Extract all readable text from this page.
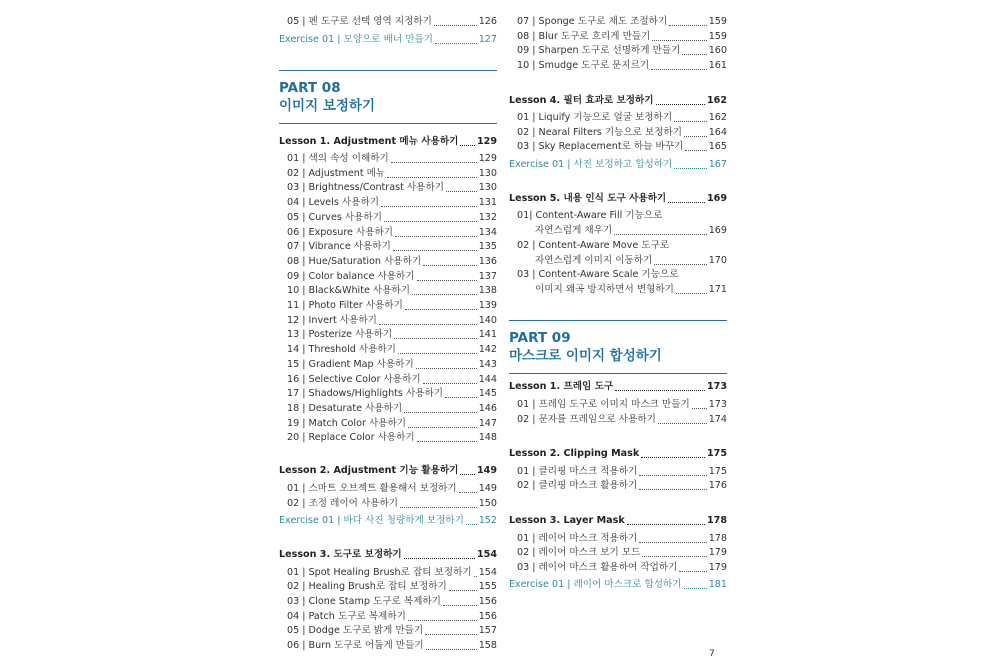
05 | 펜 도구로 선택 영역 지정하기	126
Exercise 01 | 모양으로 배너 만들기	127
PART 08
이미지 보정하기
Lesson 1. Adjustment 메뉴 사용하기 129
01 | 색의 속성 이해하기	129
02 | Adjustment 메뉴	130
03 | Brightness/Contrast 사용하기	130
04 | Levels 사용하기	131
05 | Curves 사용하기	132
06 | Exposure 사용하기	134
07 | Vibrance 사용하기	135
08 | Hue/Saturation 사용하기	136
09 | Color balance 사용하기	137
10 | Black&White 사용하기	138
11 | Photo Filter 사용하기	139
12 | Invert 사용하기	140
13 | Posterize 사용하기	141
14 | Threshold 사용하기	142
15 | Gradient Map 사용하기	143
16 | Selective Color 사용하기	144
17 | Shadows/Highlights 사용하기	145
18 | Desaturate 사용하기	146
19 | Match Color 사용하기	147
20 | Replace Color 사용하기	148
Lesson 2. Adjustment 기능 활용하기 149
01 | 스마트 오브젝트 활용해서 보정하기 149
02 | 조정 레이어 사용하기	150
Exercise 01 | 바다 사진 청량하게 보정하기 152
Lesson 3. 도구로 보정하기	154
01 | Spot Healing Brush로 잡티 보정하기 154
02 | Healing Brush로 잡티 보정하기	155
03 | Clone Stamp 도구로 복제하기	156
04 | Patch 도구로 복제하기	156
05 | Dodge 도구로 밝게 만들기	157
06 | Burn 도구로 어둡게 만들기	158
07 | Sponge 도구로 채도 조절하기	159
08 | Blur 도구로 흐리게 만들기	159
09 | Sharpen 도구로 선명하게 만들기	160
10 | Smudge 도구로 문지르기	161
Lesson 4. 필터 효과로 보정하기	162
01 | Liquify 기능으로 얼굴 보정하기	162
02 | Nearal Filters 기능으로 보정하기	164
03 | Sky Replacement로 하늘 바꾸기	165
Exercise 01 | 사진 보정하고 합성하기	167
Lesson 5. 내용 인식 도구 사용하기	169
01| Content-Aware Fill 기능으로
자연스럽게 채우기	169
02 | Content-Aware Move 도구로
자연스럽게 이미지 이동하기	170
03 | Content-Aware Scale 기능으로
이미지 왜곡 방지하면서 변형하기	171
PART 09
마스크로 이미지 합성하기
Lesson 1. 프레임 도구	173
01 | 프레임 도구로 이미지 마스크 만들기 173
02 | 문자를 프레임으로 사용하기	174
Lesson 2. Clipping Mask	175
01 | 클리핑 마스크 적용하기	175
02 | 클리핑 마스크 활용하기	176
Lesson 3. Layer Mask	178
01 | 레이어 마스크 적용하기	178
02 | 레이어 마스크 보기 모드	179
03 | 레이어 마스크 활용하여 작업하기	179
Exercise 01 | 레이어 마스크로 합성하기	181
7
